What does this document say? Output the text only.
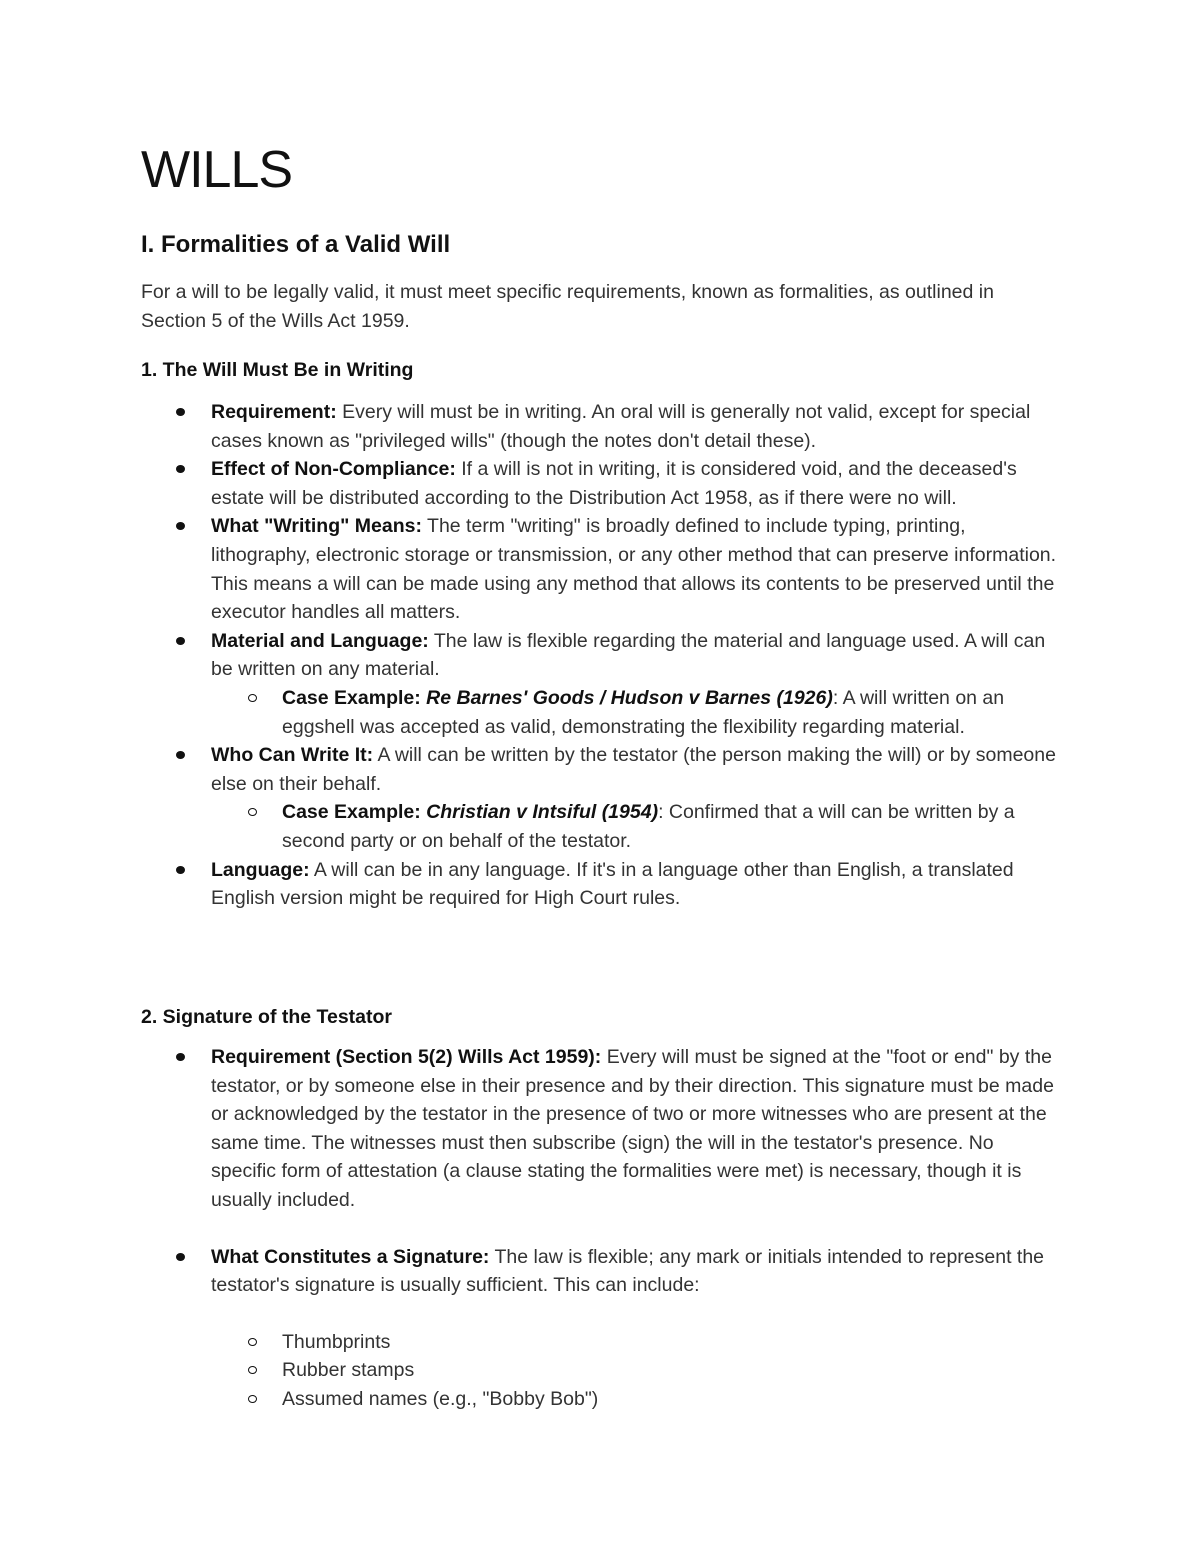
WILLS
I. Formalities of a Valid Will

For a will to be legally valid, it must meet specific requirements, known as formalities, as outlined in Section 5 of the Wills Act 1959.

1. The Will Must Be in Writing
Requirement: Every will must be in writing. An oral will is generally not valid, except for special cases known as "privileged wills" (though the notes don't detail these).
Effect of Non-Compliance: If a will is not in writing, it is considered void, and the deceased's estate will be distributed according to the Distribution Act 1958, as if there were no will.
What "Writing" Means: The term "writing" is broadly defined to include typing, printing, lithography, electronic storage or transmission, or any other method that can preserve information. This means a will can be made using any method that allows its contents to be preserved until the executor handles all matters.
Material and Language: The law is flexible regarding the material and language used. A will can be written on any material.
Case Example: Re Barnes' Goods / Hudson v Barnes (1926): A will written on an eggshell was accepted as valid, demonstrating the flexibility regarding material.
Who Can Write It: A will can be written by the testator (the person making the will) or by someone else on their behalf.
Case Example: Christian v Intsiful (1954): Confirmed that a will can be written by a second party or on behalf of the testator.
Language: A will can be in any language. If it's in a language other than English, a translated English version might be required for High Court rules.
2. Signature of the Testator
Requirement (Section 5(2) Wills Act 1959): Every will must be signed at the "foot or end" by the testator, or by someone else in their presence and by their direction. This signature must be made or acknowledged by the testator in the presence of two or more witnesses who are present at the same time. The witnesses must then subscribe (sign) the will in the testator's presence. No specific form of attestation (a clause stating the formalities were met) is necessary, though it is usually included.
What Constitutes a Signature: The law is flexible; any mark or initials intended to represent the testator's signature is usually sufficient. This can include:
Thumbprints
Rubber stamps
Assumed names (e.g., "Bobby Bob")
